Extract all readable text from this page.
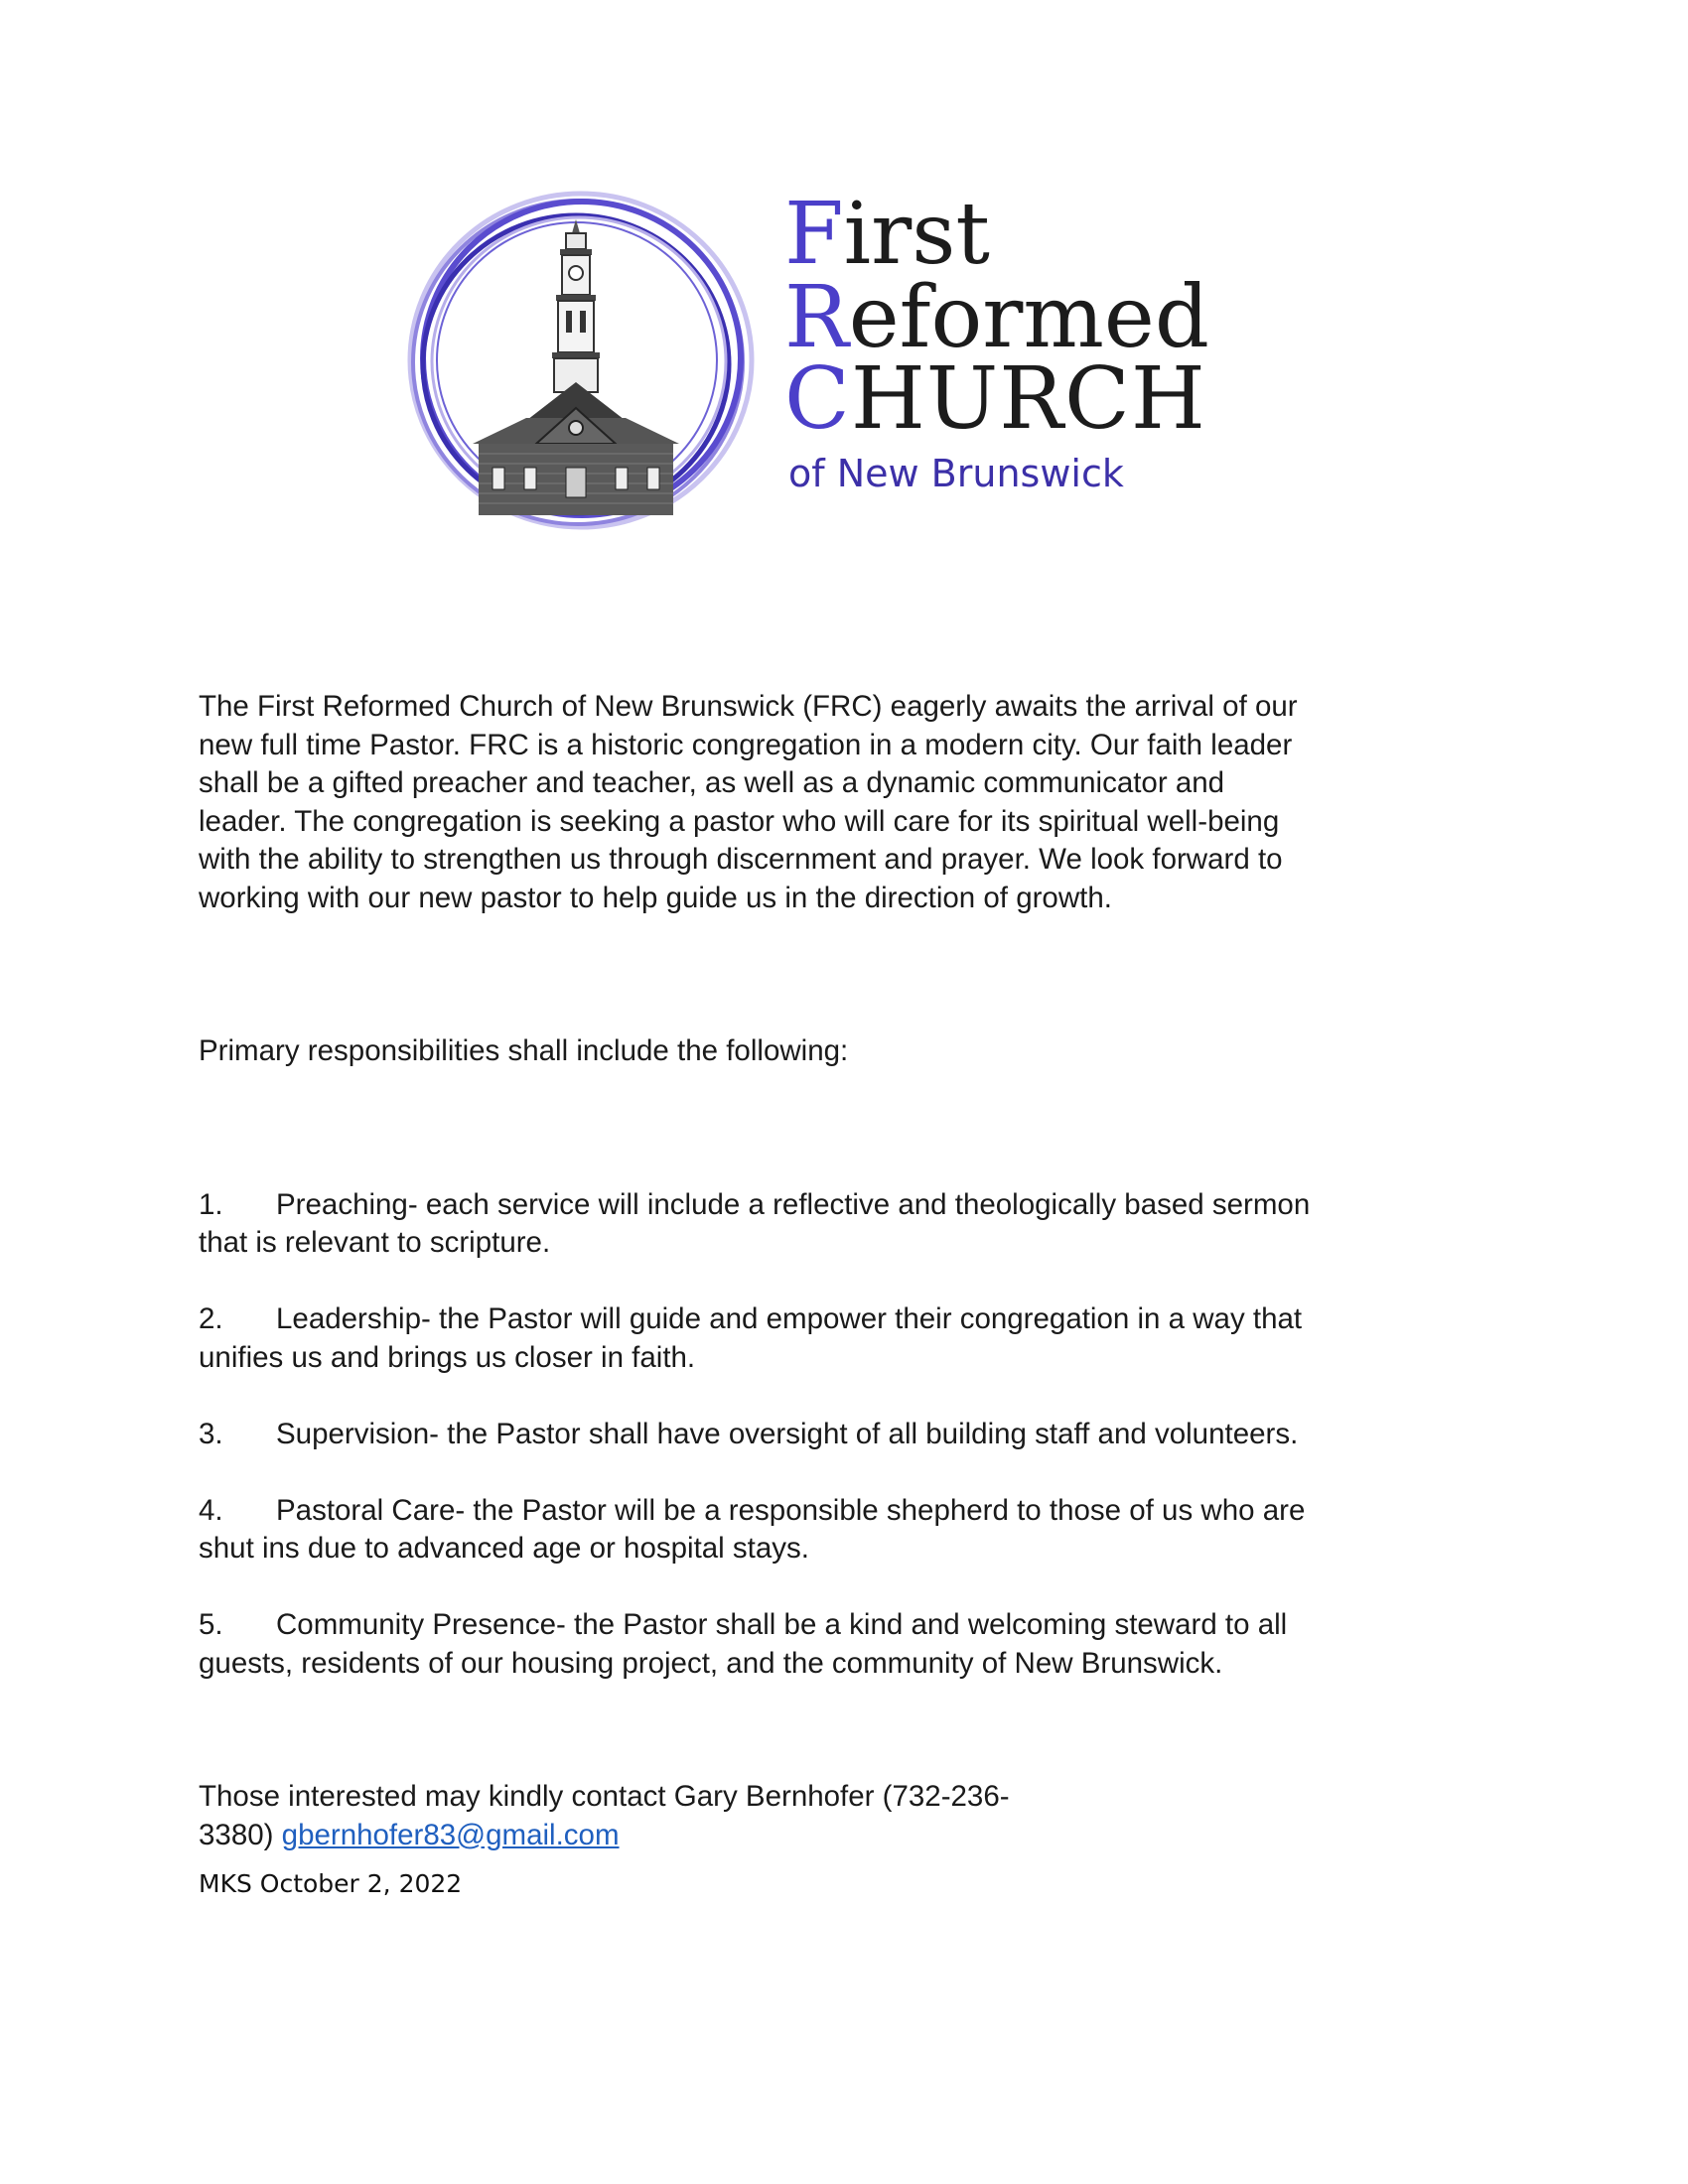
First
Reformed
CHURCH
of New Brunswick

The First Reformed Church of New Brunswick (FRC) eagerly awaits the arrival of our
new full time Pastor. FRC is a historic congregation in a modern city. Our faith leader
shall be a gifted preacher and teacher, as well as a dynamic communicator and
leader. The congregation is seeking a pastor who will care for its spiritual well-being
with the ability to strengthen us through discernment and prayer. We look forward to
working with our new pastor to help guide us in the direction of growth.

Primary responsibilities shall include the following:

1. Preaching- each service will include a reflective and theologically based sermon
that is relevant to scripture.

2. Leadership- the Pastor will guide and empower their congregation in a way that
unifies us and brings us closer in faith.

3. Supervision- the Pastor shall have oversight of all building staff and volunteers.

4. Pastoral Care- the Pastor will be a responsible shepherd to those of us who are
shut ins due to advanced age or hospital stays.

5. Community Presence- the Pastor shall be a kind and welcoming steward to all
guests, residents of our housing project, and the community of New Brunswick.

Those interested may kindly contact Gary Bernhofer (732-236-
3380) gbernhofer83@gmail.com

MKS October 2, 2022
